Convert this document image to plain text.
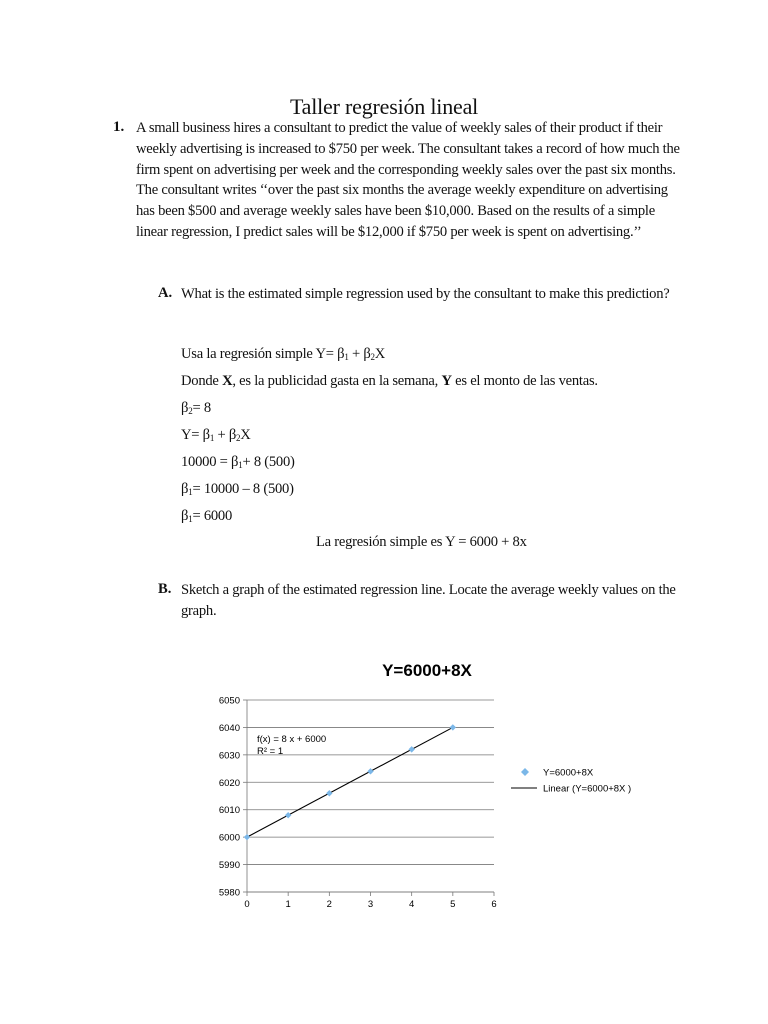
Taller regresión lineal
1. A small business hires a consultant to predict the value of weekly sales of their product if their weekly advertising is increased to $750 per week. The consultant takes a record of how much the firm spent on advertising per week and the corresponding weekly sales over the past six months. The consultant writes ‘‘over the past six months the average weekly expenditure on advertising has been $500 and average weekly sales have been $10,000. Based on the results of a simple linear regression, I predict sales will be $12,000 if $750 per week is spent on advertising.’’
A. What is the estimated simple regression used by the consultant to make this prediction?
Usa la regresión simple $Y= \beta_1 + \beta_2X$
Donde X, es la publicidad gasta en la semana, Y es el monto de las ventas.
$\beta_2= 8$
$Y= \beta_1 + \beta_2X$
$10000 = \beta_1+ 8$ (500)
$\beta_1= 10000 - 8$ (500)
$\beta_1= 6000$
La regresión simple es Y = 6000 + 8x
B. Sketch a graph of the estimated regression line. Locate the average weekly values on the graph.
Y=6000+8X
5980
5990
6000
6010
6020
6030
6040
6050
0	1	2	3	4	5	6
f(x) = 8 x + 6000
R² = 1
Y=6000+8X
Linear (Y=6000+8X )
